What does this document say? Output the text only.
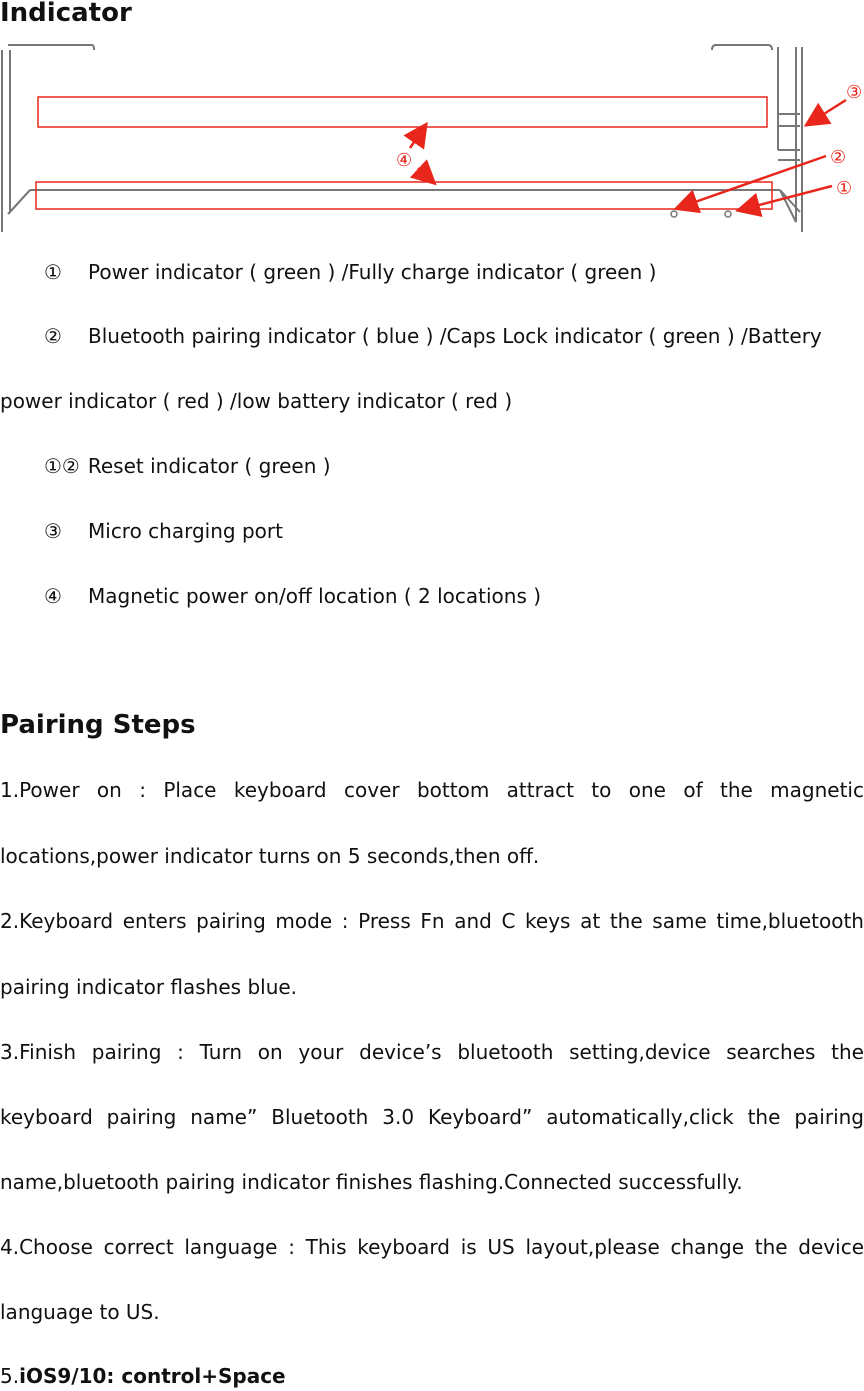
Indicator
③
④	②
①
① Power indicator ( green ) /Fully charge indicator ( green )
② Bluetooth pairing indicator ( blue ) /Caps Lock indicator ( green ) /Battery
power indicator ( red ) /low battery indicator ( red )
①② Reset indicator ( green )
③ Micro charging port
④ Magnetic power on/off location ( 2 locations )
Pairing Steps
1.Power on : Place keyboard cover bottom attract to one of the magnetic
locations,power indicator turns on 5 seconds,then off.
2.Keyboard enters pairing mode : Press Fn and C keys at the same time,bluetooth
pairing indicator flashes blue.
3.Finish pairing : Turn on your device’s bluetooth setting,device searches the
keyboard pairing name” Bluetooth 3.0 Keyboard” automatically,click the pairing
name,bluetooth pairing indicator finishes flashing.Connected successfully.
4.Choose correct language : This keyboard is US layout,please change the device
language to US.
5.iOS9/10: control+Space
